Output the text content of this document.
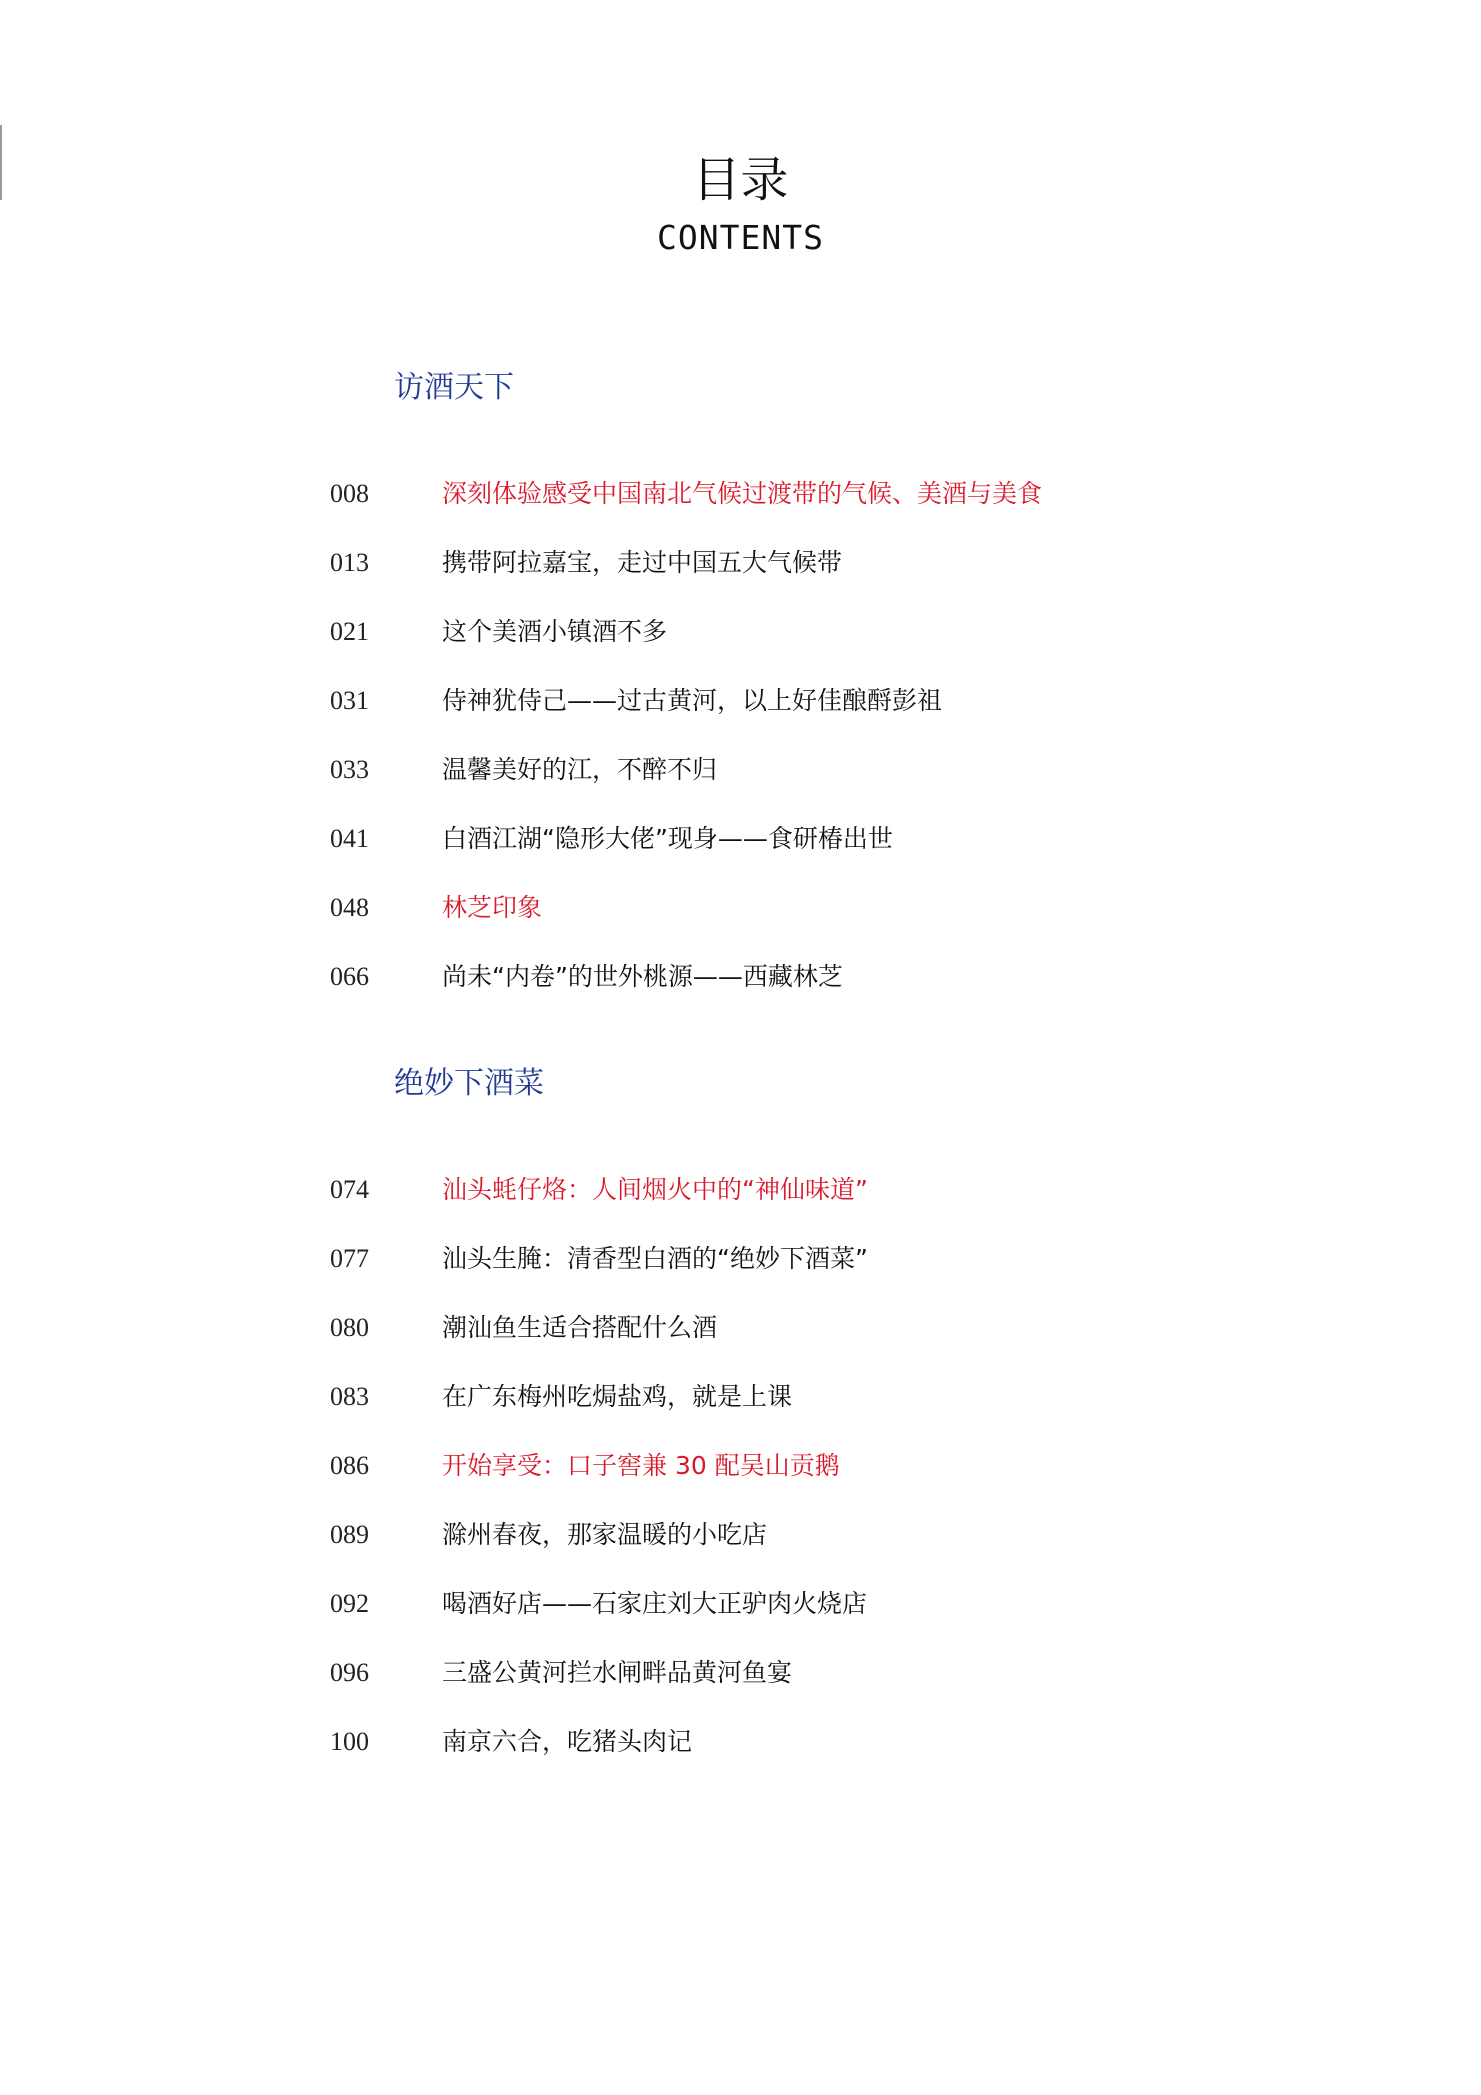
目录
CONTENTS
访酒天下
008	深刻体验感受中国南北气候过渡带的气候、美酒与美食
013	携带阿拉嘉宝，走过中国五大气候带
021	这个美酒小镇酒不多
031	侍神犹侍己——过古黄河，以上好佳酿酹彭祖
033	温馨美好的江，不醉不归
041	白酒江湖“隐形大佬”现身——食研椿出世
048	林芝印象
066	尚未“内卷”的世外桃源——西藏林芝
绝妙下酒菜
074	汕头蚝仔烙：人间烟火中的“神仙味道”
077	汕头生腌：清香型白酒的“绝妙下酒菜”
080	潮汕鱼生适合搭配什么酒
083	在广东梅州吃焗盐鸡，就是上课
086	开始享受：口子窖兼 30 配吴山贡鹅
089	滁州春夜，那家温暖的小吃店
092	喝酒好店——石家庄刘大正驴肉火烧店
096	三盛公黄河拦水闸畔品黄河鱼宴
100	南京六合，吃猪头肉记
